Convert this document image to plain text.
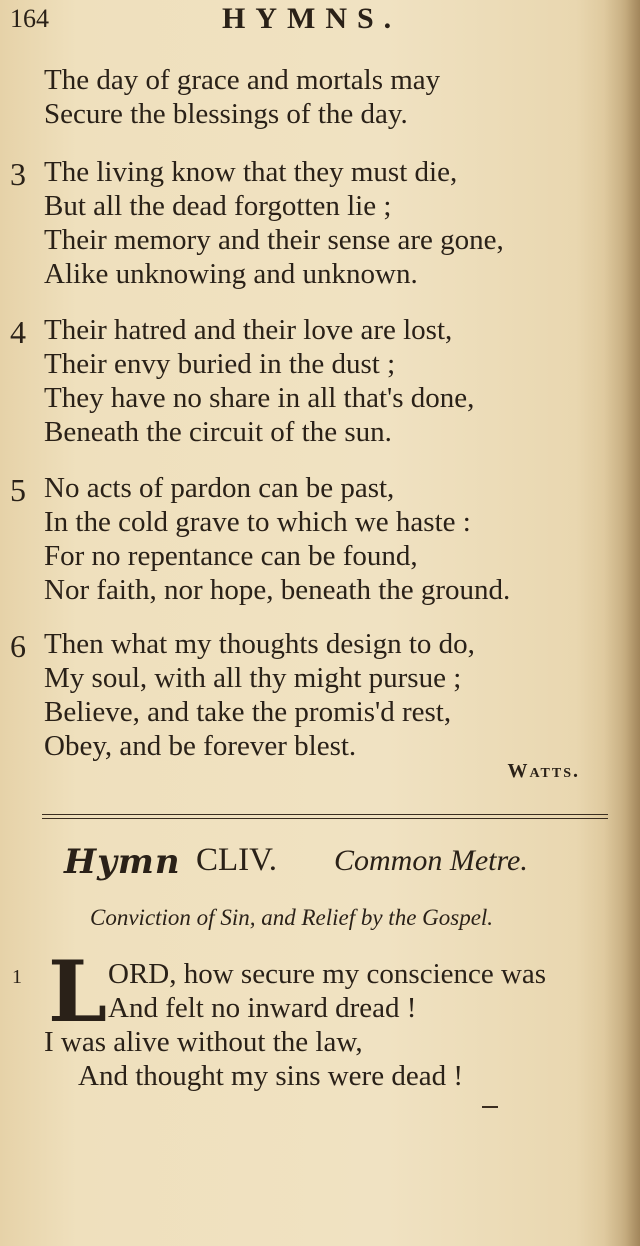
164	HYMNS.
The day of grace and mortals may
Secure the blessings of the day.
3 The living know that they must die,
But all the dead forgotten lie ;
Their memory and their sense are gone,
Alike unknowing and unknown.
4 Their hatred and their love are lost,
Their envy buried in the dust ;
They have no share in all that's done,
Beneath the circuit of the sun.
5 No acts of pardon can be past,
In the cold grave to which we haste :
For no repentance can be found,
Nor faith, nor hope, beneath the ground.
6 Then what my thoughts design to do,
My soul, with all thy might pursue ;
Believe, and take the promis'd rest,
Obey, and be forever blest.
Watts.
Hymn CLIV. Common Metre.
Conviction of Sin, and Relief by the Gospel.
1 L ORD, how secure my conscience was
And felt no inward dread !
I was alive without the law,
And thought my sins were dead !
